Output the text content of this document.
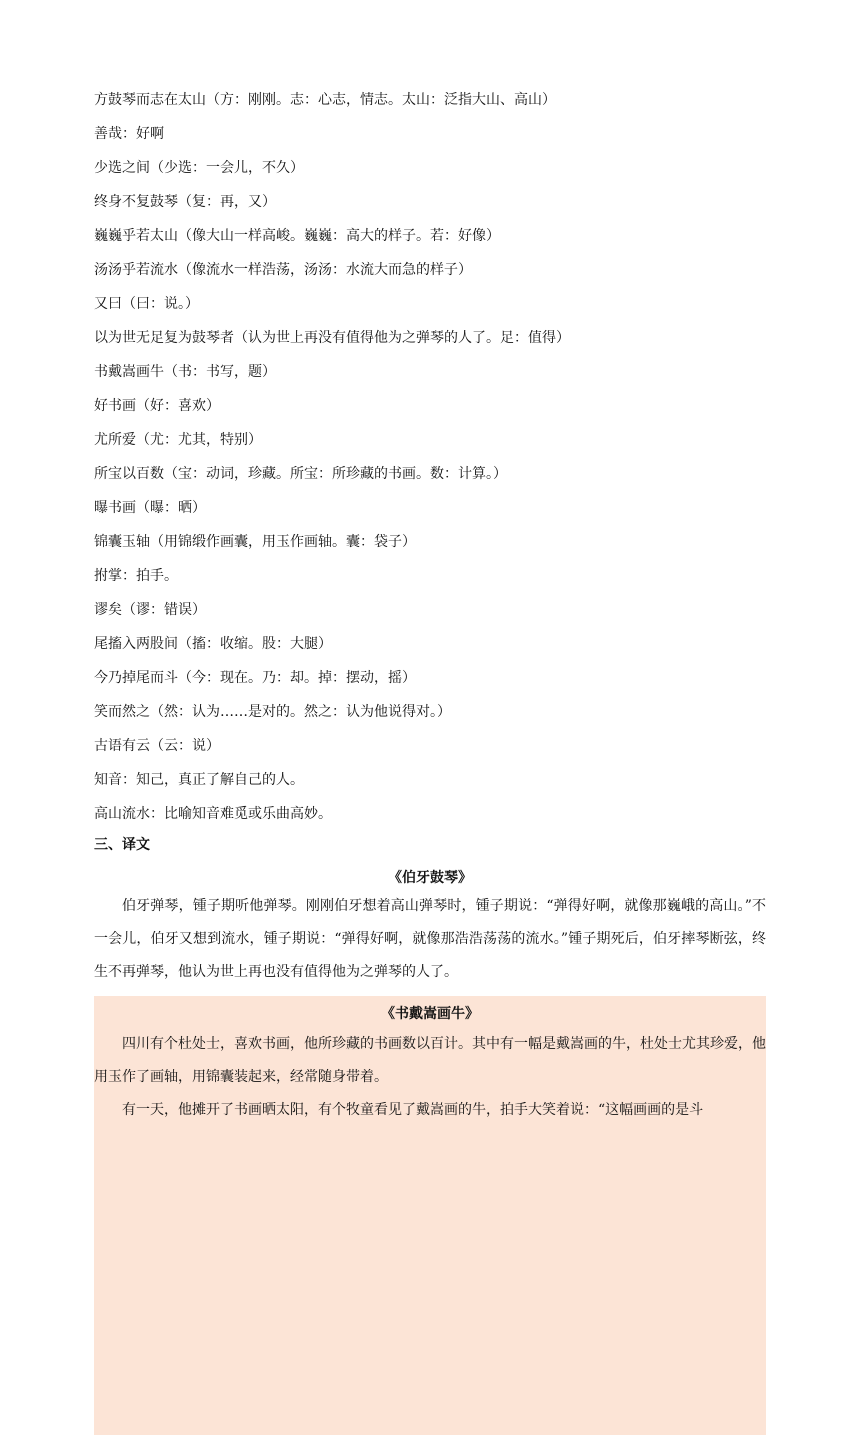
方鼓琴而志在太山（方：刚刚。志：心志，情志。太山：泛指大山、高山）
善哉：好啊
少选之间（少选：一会儿，不久）
终身不复鼓琴（复：再，又）
巍巍乎若太山（像大山一样高峻。巍巍：高大的样子。若：好像）
汤汤乎若流水（像流水一样浩荡，汤汤：水流大而急的样子）
又曰（曰：说。）
以为世无足复为鼓琴者（认为世上再没有值得他为之弹琴的人了。足：值得）
书戴嵩画牛（书：书写，题）
好书画（好：喜欢）
尤所爱（尤：尤其，特别）
所宝以百数（宝：动词，珍藏。所宝：所珍藏的书画。数：计算。）
曝书画（曝：晒）
锦囊玉轴（用锦缎作画囊，用玉作画轴。囊：袋子）
拊掌：拍手。
谬矣（谬：错误）
尾搐入两股间（搐：收缩。股：大腿）
今乃掉尾而斗（今：现在。乃：却。掉：摆动，摇）
笑而然之（然：认为……是对的。然之：认为他说得对。）
古语有云（云：说）
知音：知己，真正了解自己的人。
高山流水：比喻知音难觅或乐曲高妙。
三、译文

《伯牙鼓琴》

伯牙弹琴，锺子期听他弹琴。刚刚伯牙想着高山弹琴时，锺子期说：“弹得好啊，就像那巍峨的高山。”不一会儿，伯牙又想到流水，锺子期说：“弹得好啊，就像那浩浩荡荡的流水。”锺子期死后，伯牙摔琴断弦，终生不再弹琴，他认为世上再也没有值得他为之弹琴的人了。

《书戴嵩画牛》

四川有个杜处士，喜欢书画，他所珍藏的书画数以百计。其中有一幅是戴嵩画的牛，杜处士尤其珍爱，他用玉作了画轴，用锦囊装起来，经常随身带着。

有一天，他摊开了书画晒太阳，有个牧童看见了戴嵩画的牛，拍手大笑着说：“这幅画画的是斗
